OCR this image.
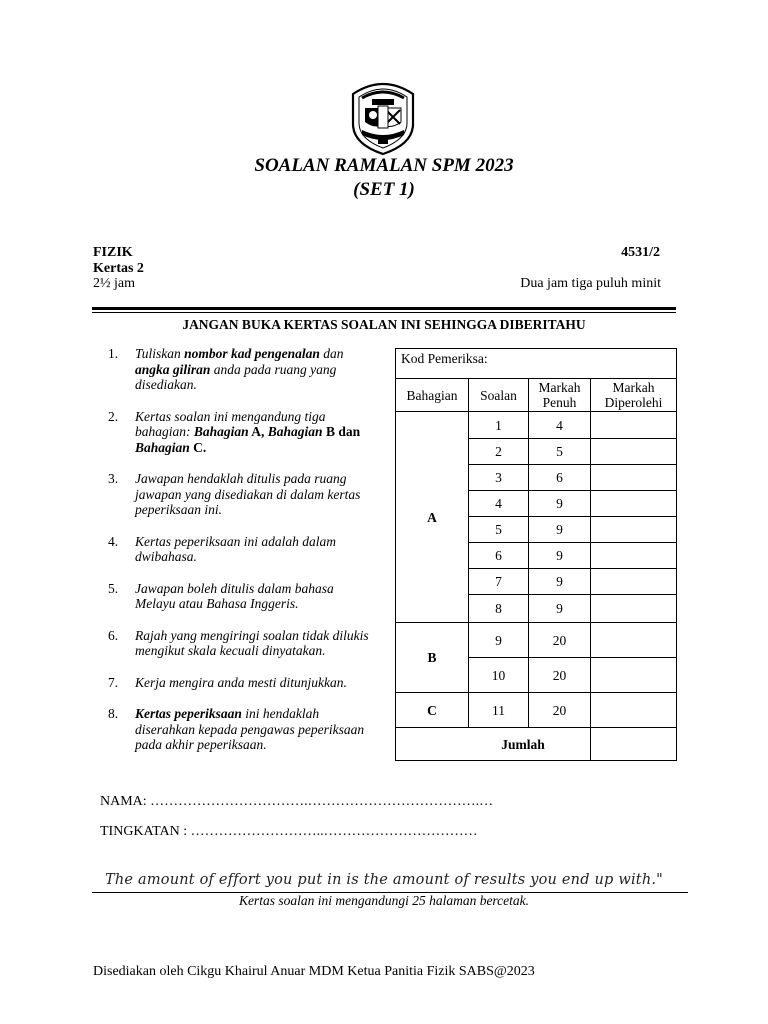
SOALAN RAMALAN SPM 2023
(SET 1)
FIZIK
Kertas 2
2½ jam
4531/2
Dua jam tiga puluh minit
JANGAN BUKA KERTAS SOALAN INI SEHINGGA DIBERITAHU
1. Tuliskan nombor kad pengenalan dan angka giliran anda pada ruang yang disediakan.
2. Kertas soalan ini mengandung tiga bahagian: Bahagian A, Bahagian B dan Bahagian C.
3. Jawapan hendaklah ditulis pada ruang jawapan yang disediakan di dalam kertas peperiksaan ini.
4. Kertas peperiksaan ini adalah dalam dwibahasa.
5. Jawapan boleh ditulis dalam bahasa Melayu atau Bahasa Inggeris.
6. Rajah yang mengiringi soalan tidak dilukis mengikut skala kecuali dinyatakan.
7. Kerja mengira anda mesti ditunjukkan.
8. Kertas peperiksaan ini hendaklah diserahkan kepada pengawas peperiksaan pada akhir peperiksaan.
Kod Pemeriksa:			
Bahagian	Soalan	Markah Penuh	Markah Diperolehi
A	1	4	
	2	5	
	3	6	
	4	9	
	5	9	
	6	9	
	7	9	
	8	9	
B	9	20	
	10	20	
C	11	20	
Jumlah			
NAMA: …………………………….……………………………….…
TINGKATAN : ………………………..……………………………
The amount of effort you put in is the amount of results you end up with."
Kertas soalan ini mengandungi 25 halaman bercetak.
Disediakan oleh Cikgu Khairul Anuar MDM Ketua Panitia Fizik SABS@2023
